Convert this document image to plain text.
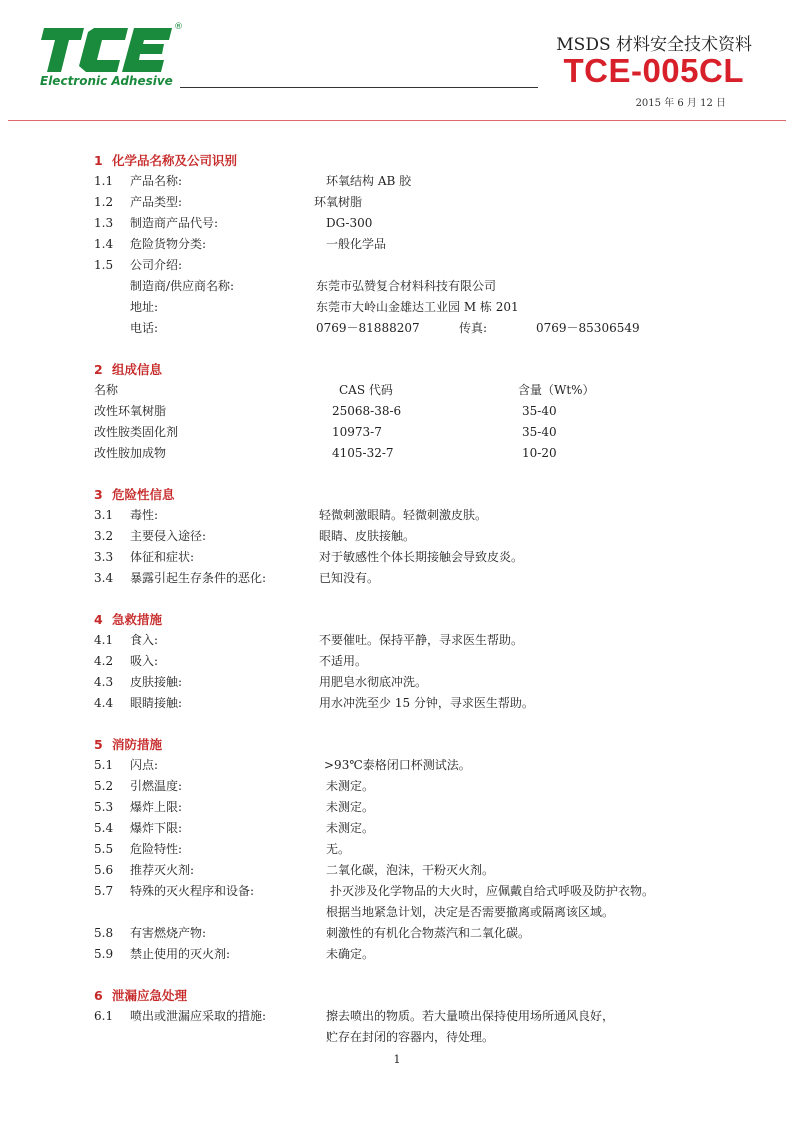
®
Electronic Adhesive
MSDS 材料安全技术资料
TCE-005CL
2015 年 6 月 12 日
1 化学品名称及公司识别
1.1 产品名称:	环氧结构 AB 胶
1.2 产品类型:	环氧树脂
1.3 制造商产品代号:	DG-300
1.4 危险货物分类:	一般化学品
1.5 公司介绍:
制造商/供应商名称:	东莞市弘赞复合材料科技有限公司
地址:	东莞市大岭山金雄达工业园 M 栋 201
电话:	0769－81888207	传真:	0769－85306549
2 组成信息
名称	CAS 代码	含量（Wt%）
改性环氧树脂	25068-38-6	35-40
改性胺类固化剂	10973-7	35-40
改性胺加成物	4105-32-7	10-20
3 危险性信息
3.1 毒性:	轻微刺激眼睛。轻微刺激皮肤。
3.2 主要侵入途径:	眼睛、皮肤接触。
3.3 体征和症状:	对于敏感性个体长期接触会导致皮炎。
3.4 暴露引起生存条件的恶化:	已知没有。
4 急救措施
4.1 食入:	不要催吐。保持平静，寻求医生帮助。
4.2 吸入:	不适用。
4.3 皮肤接触:	用肥皂水彻底冲洗。
4.4 眼睛接触:	用水冲洗至少 15 分钟，寻求医生帮助。
5 消防措施
5.1 闪点:	>93℃泰格闭口杯测试法。
5.2 引燃温度:	未测定。
5.3 爆炸上限:	未测定。
5.4 爆炸下限:	未测定。
5.5 危险特性:	无。
5.6 推荐灭火剂:	二氧化碳，泡沫，干粉灭火剂。
5.7 特殊的灭火程序和设备:	扑灭涉及化学物品的大火时，应佩戴自给式呼吸及防护衣物。
根据当地紧急计划，决定是否需要撤离或隔离该区域。
5.8 有害燃烧产物:	刺激性的有机化合物蒸汽和二氧化碳。
5.9 禁止使用的灭火剂:	未确定。
6 泄漏应急处理
6.1 喷出或泄漏应采取的措施:	擦去喷出的物质。若大量喷出保持使用场所通风良好，
贮存在封闭的容器内，待处理。
1
